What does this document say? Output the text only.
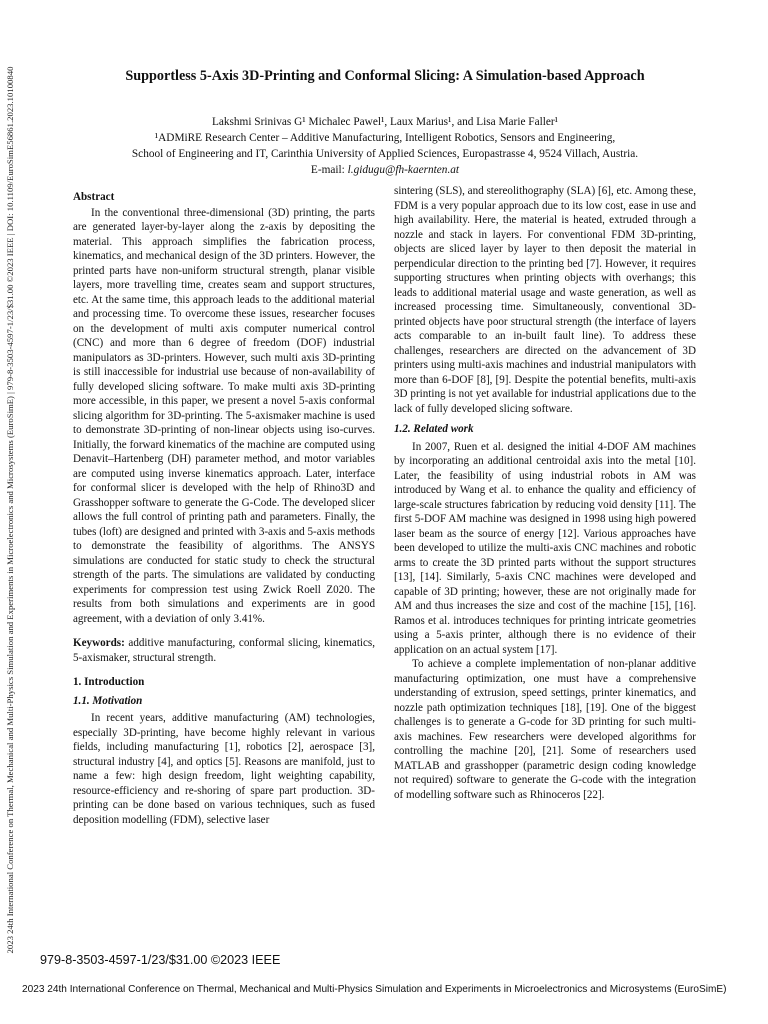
2023 24th International Conference on Thermal, Mechanical and Multi-Physics Simulation and Experiments in Microelectronics and Microsystems (EuroSimE) | 979-8-3503-4597-1/23/$31.00 ©2023 IEEE | DOI: 10.1109/EuroSimE56861.2023.10100840	Supportless 5-Axis 3D-Printing and Conformal Slicing: A Simulation-based Approach
Lakshmi Srinivas G¹ Michalec Pawel¹, Laux Marius¹, and Lisa Marie Faller¹
¹ADMiRE Research Center – Additive Manufacturing, Intelligent Robotics, Sensors and Engineering,
School of Engineering and IT, Carinthia University of Applied Sciences, Europastrasse 4, 9524 Villach, Austria.
E-mail: l.gidugu@fh-kaernten.at
Abstract

In the conventional three-dimensional (3D) printing, the parts are generated layer-by-layer along the z-axis by depositing the material. This approach simplifies the fabrication process, kinematics, and mechanical design of the 3D printers. However, the printed parts have non-uniform structural strength, planar visible layers, more travelling time, creates seam and support structures, etc. At the same time, this approach leads to the additional material and processing time. To overcome these issues, researcher focuses on the development of multi axis computer numerical control (CNC) and more than 6 degree of freedom (DOF) industrial manipulators as 3D-printers. However, such multi axis 3D-printing is still inaccessible for industrial use because of non-availability of fully developed slicing software. To make multi axis 3D-printing more accessible, in this paper, we present a novel 5-axis conformal slicing algorithm for 3D-printing. The 5-axismaker machine is used to demonstrate 3D-printing of non-linear objects using iso-curves. Initially, the forward kinematics of the machine are computed using Denavit–Hartenberg (DH) parameter method, and motor variables are computed using inverse kinematics approach. Later, interface for conformal slicer is developed with the help of Rhino3D and Grasshopper software to generate the G-Code. The developed slicer allows the full control of printing path and parameters. Finally, the tubes (loft) are designed and printed with 3-axis and 5-axis methods to demonstrate the feasibility of algorithms. The ANSYS simulations are conducted for static study to check the structural strength of the parts. The simulations are validated by conducting experiments for compression test using Zwick Roell Z020. The results from both simulations and experiments are in good agreement, with a deviation of only 3.41%.

Keywords: additive manufacturing, conformal slicing, kinematics, 5-axismaker, structural strength.

1. Introduction
1.1. Motivation

In recent years, additive manufacturing (AM) technologies, especially 3D-printing, have become highly relevant in various fields, including manufacturing [1], robotics [2], aerospace [3], structural industry [4], and optics [5]. Reasons are manifold, just to name a few: high design freedom, light weighting capability, resource-efficiency and re-shoring of spare part production. 3D-printing can be done based on various techniques, such as fused deposition modelling (FDM), selective laser

sintering (SLS), and stereolithography (SLA) [6], etc. Among these, FDM is a very popular approach due to its low cost, ease in use and high availability. Here, the material is heated, extruded through a nozzle and stack in layers. For conventional FDM 3D-printing, objects are sliced layer by layer to then deposit the material in perpendicular direction to the printing bed [7]. However, it requires supporting structures when printing objects with overhangs; this leads to additional material usage and waste generation, as well as increased processing time. Simultaneously, conventional 3D-printed objects have poor structural strength (the interface of layers acts comparable to an in-built fault line). To address these challenges, researchers are directed on the advancement of 3D printers using multi-axis machines and industrial manipulators with more than 6-DOF [8], [9]. Despite the potential benefits, multi-axis 3D printing is not yet available for industrial applications due to the lack of fully developed slicing software.

1.2. Related work

In 2007, Ruen et al. designed the initial 4-DOF AM machines by incorporating an additional centroidal axis into the metal [10]. Later, the feasibility of using industrial robots in AM was introduced by Wang et al. to enhance the quality and efficiency of large-scale structures fabrication by reducing void density [11]. The first 5-DOF AM machine was designed in 1998 using high powered laser beam as the source of energy [12]. Various approaches have been developed to utilize the multi-axis CNC machines and robotic arms to create the 3D printed parts without the support structures [13], [14]. Similarly, 5-axis CNC machines were developed and capable of 3D printing; however, these are not originally made for AM and thus increases the size and cost of the machine [15], [16]. Ramos et al. introduces techniques for printing intricate geometries using a 5-axis printer, although there is no evidence of their application on an actual system [17].

To achieve a complete implementation of non-planar additive manufacturing optimization, one must have a comprehensive understanding of extrusion, speed settings, printer kinematics, and nozzle path optimization techniques [18], [19]. One of the biggest challenges is to generate a G-code for 3D printing for such multi-axis machines. Few researchers were developed algorithms for controlling the machine [20], [21]. Some of researchers used MATLAB and grasshopper (parametric design coding knowledge not required) software to generate the G-code with the integration of modelling software such as Rhinoceros [22].

979-8-3503-4597-1/23/$31.00 ©2023 IEEE
2023 24th International Conference on Thermal, Mechanical and Multi-Physics Simulation and Experiments in Microelectronics and Microsystems (EuroSimE)
